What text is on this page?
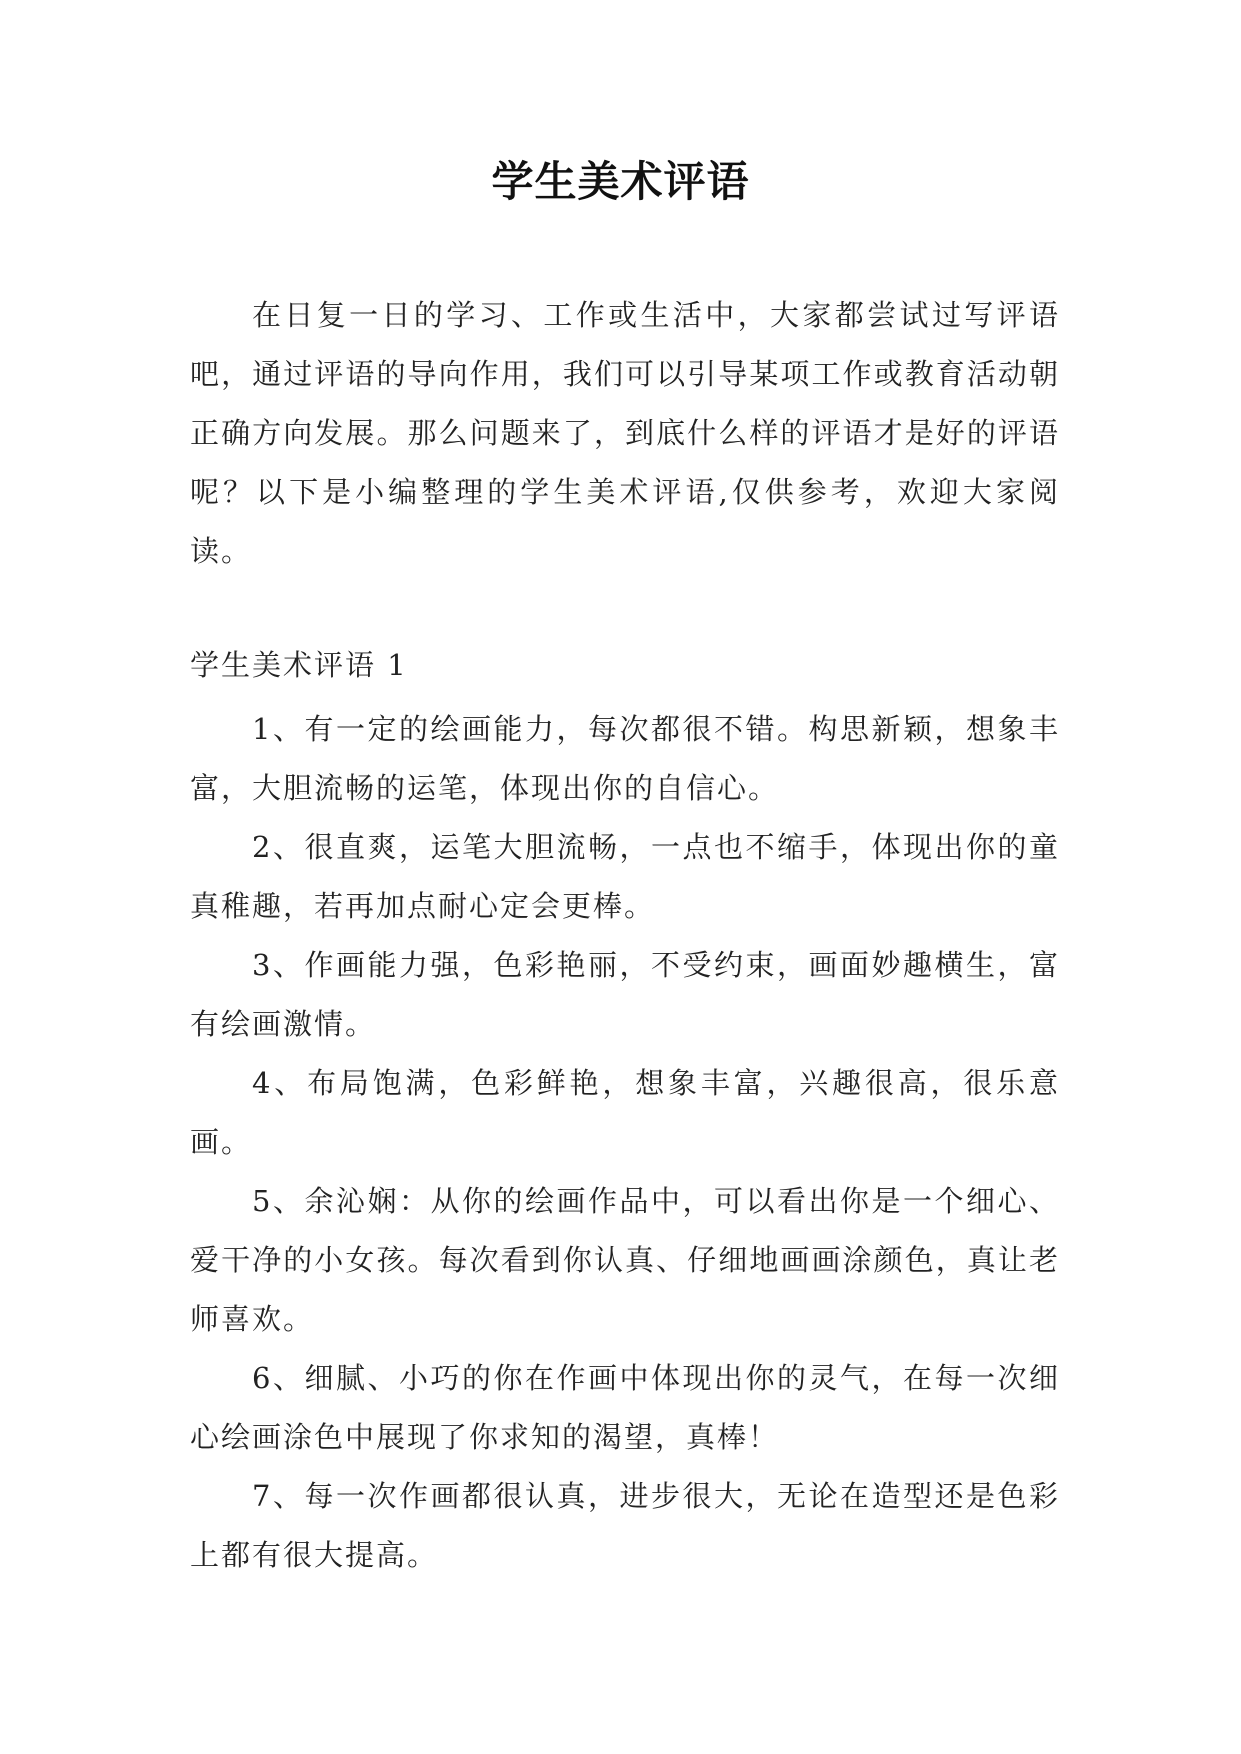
学生美术评语

在日复一日的学习、工作或生活中，大家都尝试过写评语吧，通过评语的导向作用，我们可以引导某项工作或教育活动朝正确方向发展。那么问题来了，到底什么样的评语才是好的评语呢？以下是小编整理的学生美术评语,仅供参考，欢迎大家阅读。

学生美术评语 1

1、有一定的绘画能力，每次都很不错。构思新颖，想象丰富，大胆流畅的运笔，体现出你的自信心。

2、很直爽，运笔大胆流畅，一点也不缩手，体现出你的童真稚趣，若再加点耐心定会更棒。

3、作画能力强，色彩艳丽，不受约束，画面妙趣横生，富有绘画激情。

4、布局饱满，色彩鲜艳，想象丰富，兴趣很高，很乐意画。

5、余沁娴：从你的绘画作品中，可以看出你是一个细心、爱干净的小女孩。每次看到你认真、仔细地画画涂颜色，真让老师喜欢。

6、细腻、小巧的你在作画中体现出你的灵气，在每一次细心绘画涂色中展现了你求知的渴望，真棒！

7、每一次作画都很认真，进步很大，无论在造型还是色彩上都有很大提高。
